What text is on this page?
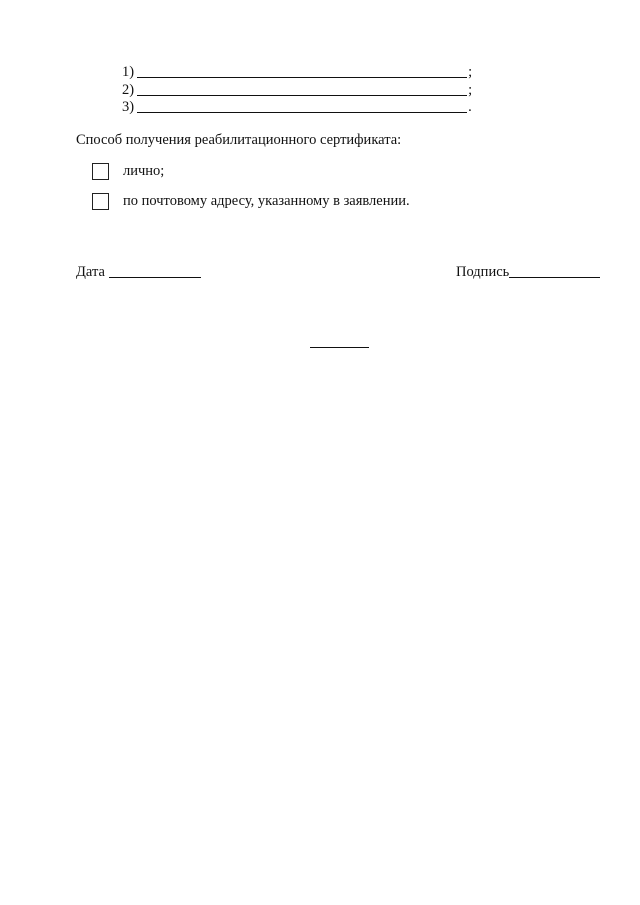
1)	;
2)	;
3)	.
Способ получения реабилитационного сертификата:
лично;
по почтовому адресу, указанному в заявлении.
Дата	Подпись
